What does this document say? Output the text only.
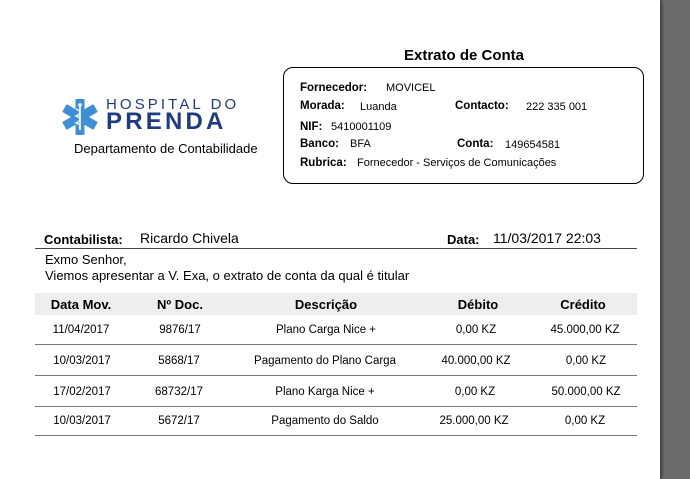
HOSPITAL DO
PRENDA
Departamento de Contabilidade
Extrato de Conta
Fornecedor: MOVICEL
Morada: Luanda	Contacto: 222 335 001
NIF: 5410001109
Banco: BFA	Conta: 149654581
Rubrica: Fornecedor - Serviços de Comunicações
Contabilista: Ricardo Chivela	Data: 11/03/2017 22:03
Exmo Senhor,
Viemos apresentar a V. Exa, o extrato de conta da qual é titular
Data Mov.	Nº Doc.	Descrição	Débito	Crédito
11/04/2017	9876/17	Plano Carga Nice +	0,00 KZ	45.000,00 KZ
10/03/2017	5868/17	Pagamento do Plano Carga	40.000,00 KZ	0,00 KZ
17/02/2017	68732/17	Plano Karga Nice +	0,00 KZ	50.000,00 KZ
10/03/2017	5672/17	Pagamento do Saldo	25.000,00 KZ	0,00 KZ
